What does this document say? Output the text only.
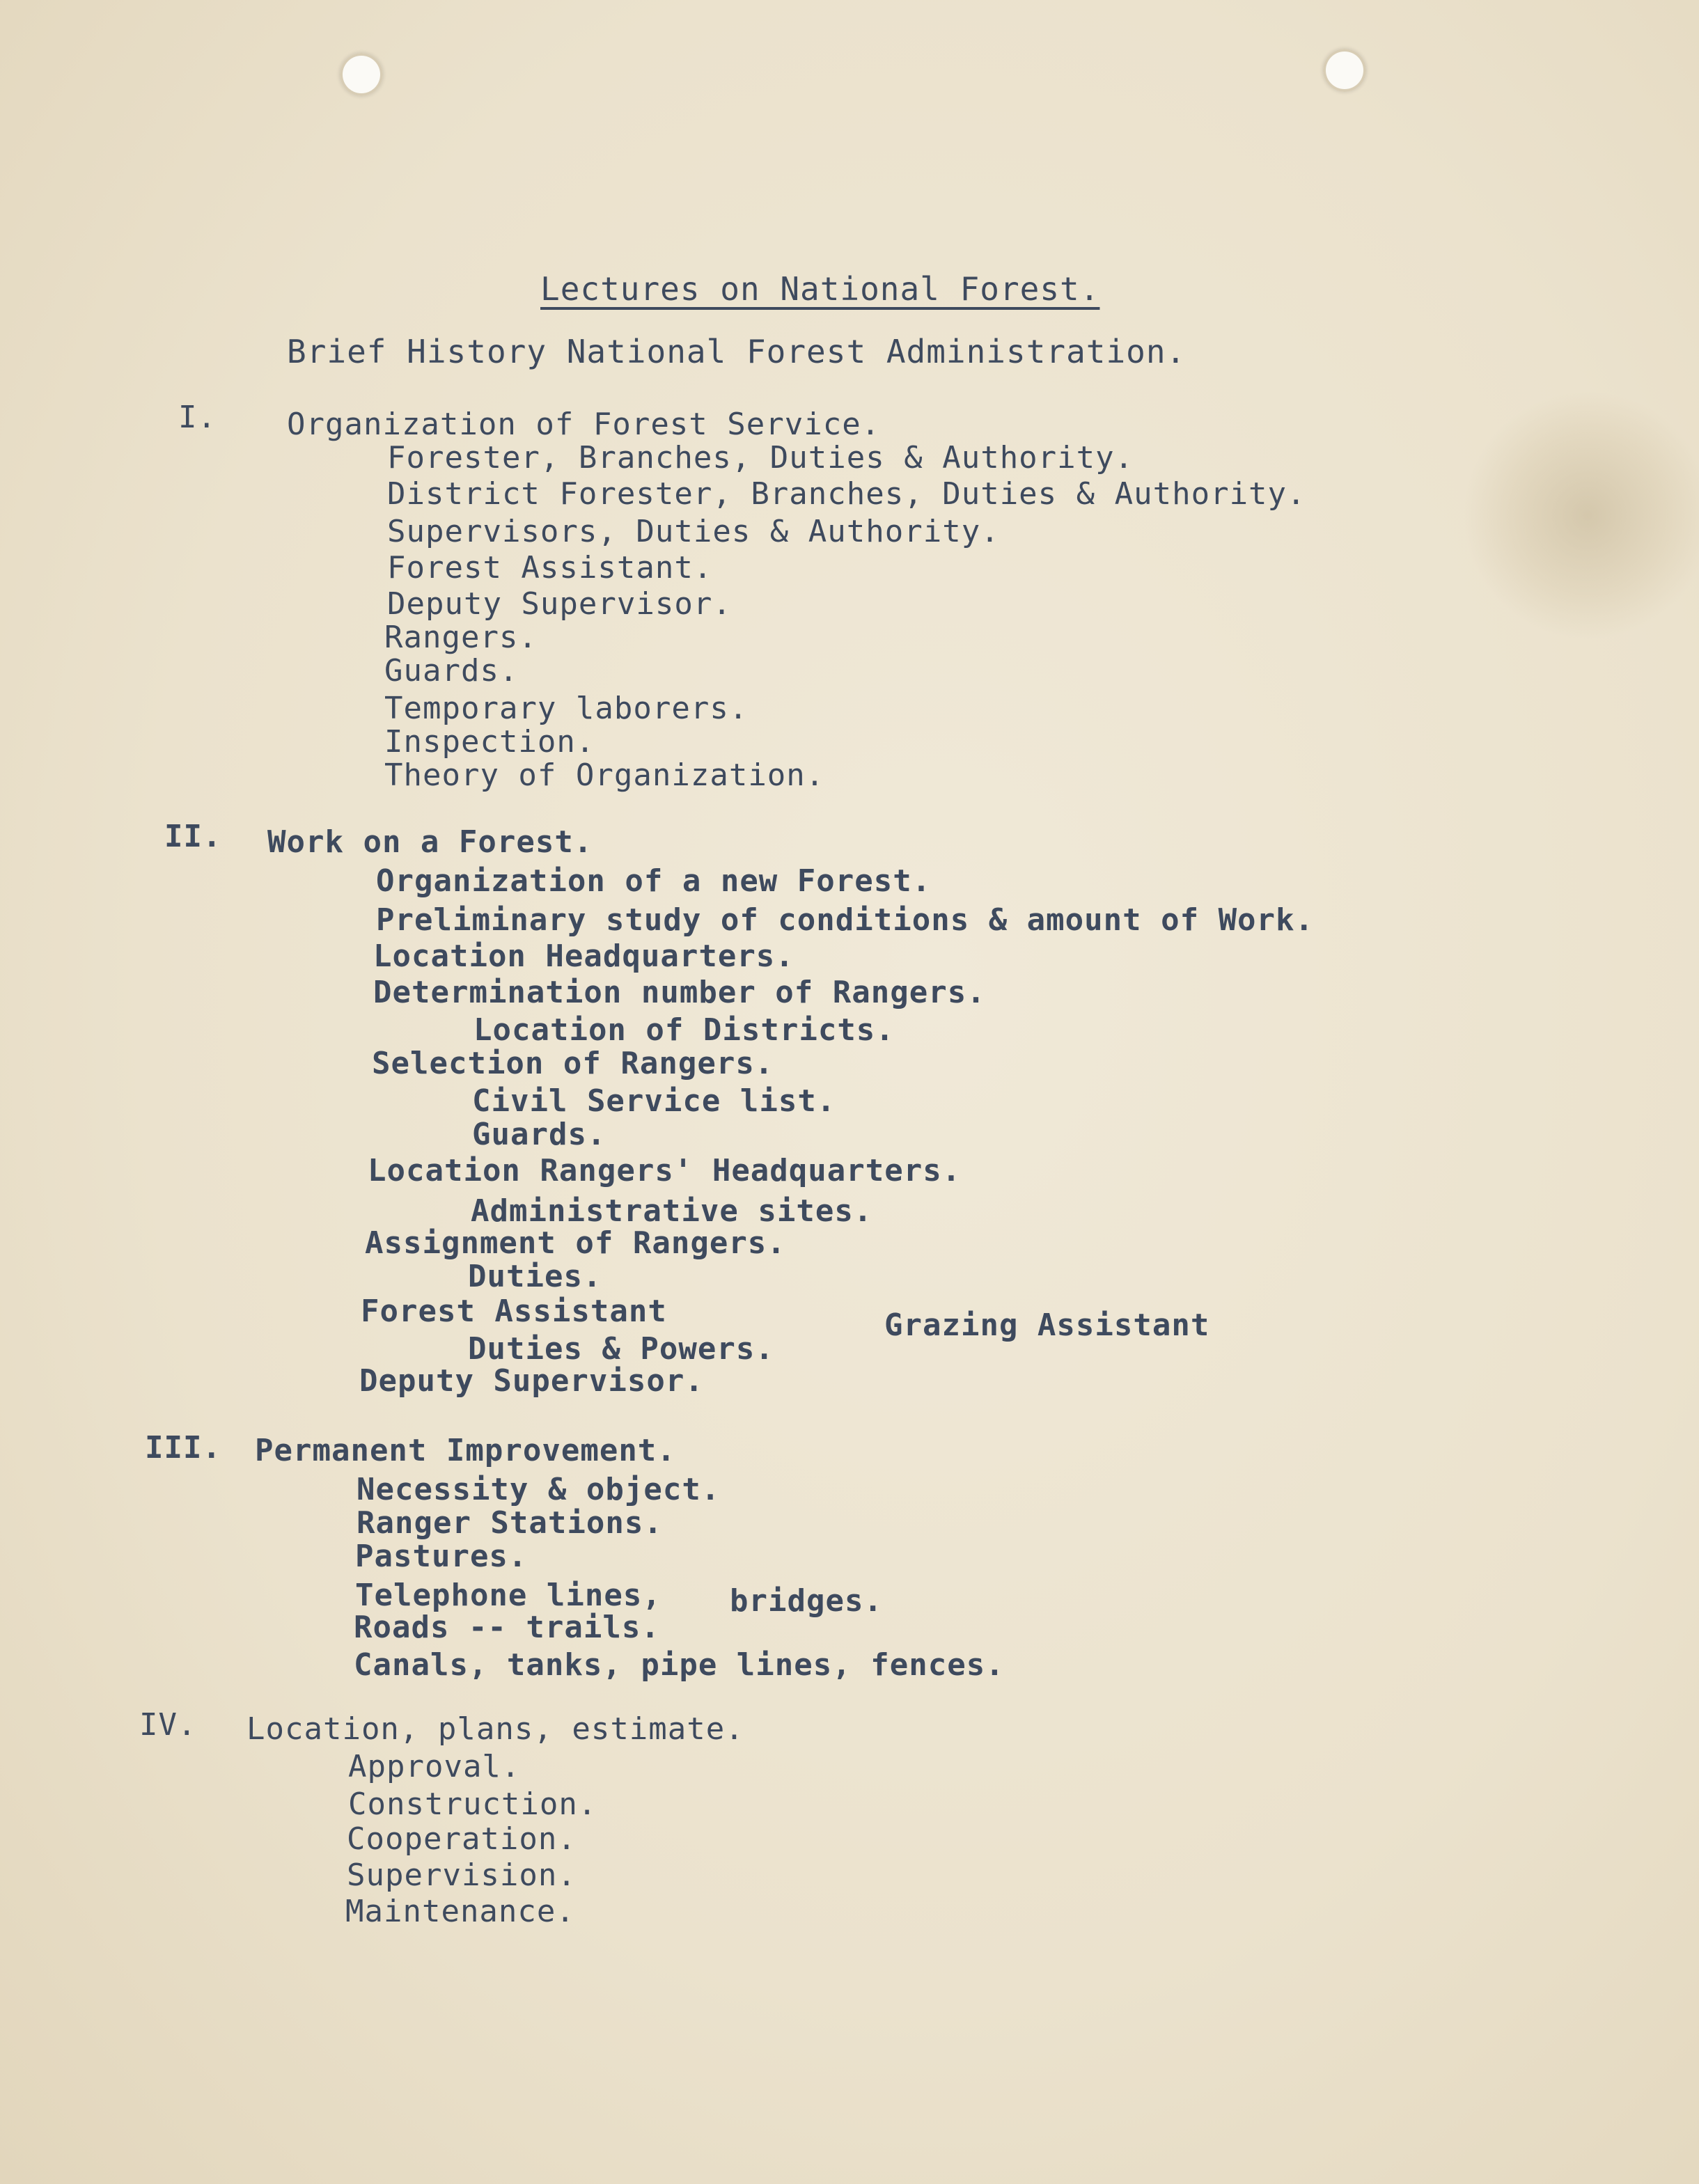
Lectures on National Forest.
Brief History National Forest Administration.
I. Organization of Forest Service.
Forester, Branches, Duties & Authority.
District Forester, Branches, Duties & Authority.
Supervisors, Duties & Authority.
Forest Assistant.
Deputy Supervisor.
Rangers.
Guards.
Temporary laborers.
Inspection.
Theory of Organization.
II. Work on a Forest.
Organization of a new Forest.
Preliminary study of conditions & amount of Work.
Location Headquarters.
Determination number of Rangers.
Location of Districts.
Selection of Rangers.
Civil Service list.
Guards.
Location Rangers' Headquarters.
Administrative sites.
Assignment of Rangers.
Duties.
Forest Assistant	Grazing Assistant
Duties & Powers.
Deputy Supervisor.
III. Permanent Improvement.
Necessity & object.
Ranger Stations.
Pastures.
Telephone lines, bridges.
Roads -- trails.
Canals, tanks, pipe lines, fences.
IV. Location, plans, estimate.
Approval.
Construction.
Cooperation.
Supervision.
Maintenance.
